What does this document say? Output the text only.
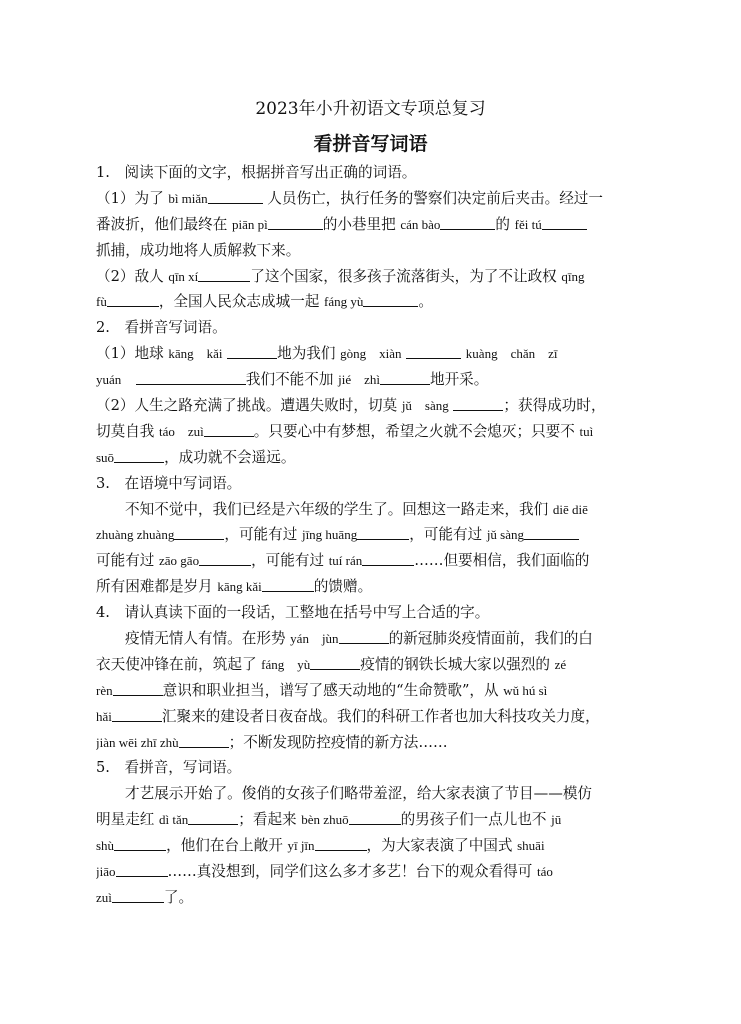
2023年小升初语文专项总复习
看拼音写词语
1.　阅读下面的文字，根据拼音写出正确的词语。
（1）为了 bì miǎn	人员伤亡，执行任务的警察们决定前后夹击。经过一
番波折，他们最终在 piān pì	的小巷里把 cán bào	的 fěi tú
抓捕，成功地将人质解救下来。
（2）敌人 qīn xí	了这个国家，很多孩子流落街头，为了不让政权 qīng
fù	，全国人民众志成城一起 fáng yù	。
2.　看拼音写词语。
（1）地球 kāng　kǎi	地为我们 gòng　xiàn	kuàng　chǎn　zī
yuán　	我们不能不加 jié　zhì	地开采。
（2）人生之路充满了挑战。遭遇失败时，切莫 jǔ　sàng	；获得成功时，
切莫自我 táo　zuì	。只要心中有梦想，希望之火就不会熄灭；只要不 tuì
suō	，成功就不会遥远。
3.　在语境中写词语。
不知不觉中，我们已经是六年级的学生了。回想这一路走来，我们 diē diē
zhuàng zhuàng	，可能有过 jīng huāng	，可能有过 jǔ sàng
可能有过 zāo gāo	，可能有过 tuí rán	……但要相信，我们面临的
所有困难都是岁月 kāng kǎi	的馈赠。
4.　请认真读下面的一段话，工整地在括号中写上合适的字。
疫情无情人有情。在形势 yán　jùn	的新冠肺炎疫情面前，我们的白
衣天使冲锋在前，筑起了 fáng　yù	疫情的钢铁长城大家以强烈的 zé
rèn	意识和职业担当，谱写了感天动地的“生命赞歌”，从 wǔ hú sì
hǎi	汇聚来的建设者日夜奋战。我们的科研工作者也加大科技攻关力度，
jiàn wēi zhī zhù	；不断发现防控疫情的新方法……
5.　看拼音，写词语。
才艺展示开始了。俊俏的女孩子们略带羞涩，给大家表演了节目——模仿
明星走红 dì tǎn	；看起来 bèn zhuō	的男孩子们一点儿也不 jū
shù	，他们在台上敞开 yī jīn	，为大家表演了中国式 shuāi
jiāo	……真没想到，同学们这么多才多艺！台下的观众看得可 táo
zuì	了。
